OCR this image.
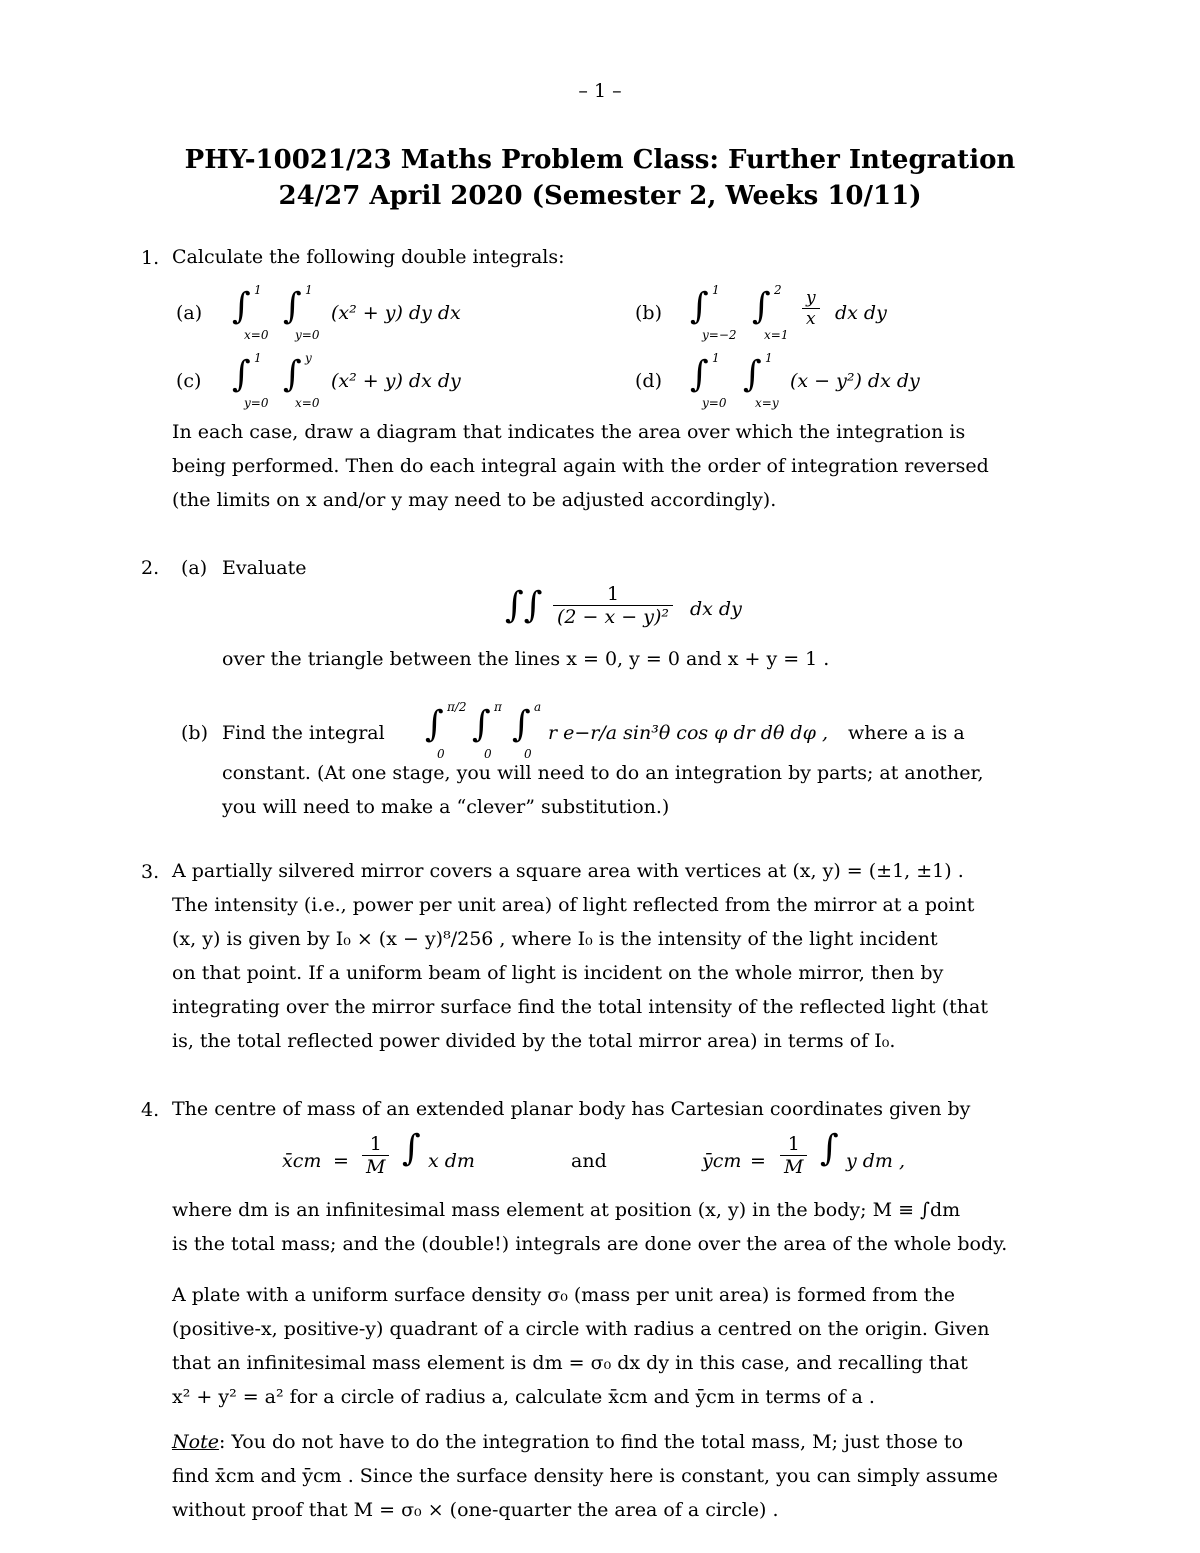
– 1 –
PHY-10021/23 Maths Problem Class: Further Integration
24/27 April 2020 (Semester 2, Weeks 10/11)
1. Calculate the following double integrals:
(a) ∫ 1
x=0
∫ 1
y=0
(x² + y) dy dx	(b) ∫ 1
y=−2
∫ 2
x=1
$\frac{y}{x}$ dx dy
(c) ∫ 1
y=0
∫ y
x=0
(x² + y) dx dy	(d) ∫ 1
y=0
∫ 1
x=y
(x − y²) dx dy
In each case, draw a diagram that indicates the area over which the integration is
being performed. Then do each integral again with the order of integration reversed
(the limits on x and/or y may need to be adjusted accordingly).
2. (a) Evaluate
∫∫ $\frac{1}{\text{(2 − x − y)²}}$ dx dy
over the triangle between the lines x = 0, y = 0 and x + y = 1 .
(b) Find the integral ∫ π/2
0
∫ π
0
∫ a
0
r e−r/a sin³θ cos φ dr dθ dφ , where a is a
constant. (At one stage, you will need to do an integration by parts; at another,
you will need to make a “clever” substitution.)
3. A partially silvered mirror covers a square area with vertices at (x, y) = (±1, ±1) .
The intensity (i.e., power per unit area) of light reflected from the mirror at a point
(x, y) is given by I₀ × (x − y)⁸/256 , where I₀ is the intensity of the light incident
on that point. If a uniform beam of light is incident on the whole mirror, then by
integrating over the mirror surface find the total intensity of the reflected light (that
is, the total reflected power divided by the total mirror area) in terms of I₀.
4. The centre of mass of an extended planar body has Cartesian coordinates given by
x̄cm = $\frac{1}{M}$ ∫ x dm	and	ȳcm = $\frac{1}{M}$ ∫ y dm ,
where dm is an infinitesimal mass element at position (x, y) in the body; M ≡ ∫dm
is the total mass; and the (double!) integrals are done over the area of the whole body.
A plate with a uniform surface density σ₀ (mass per unit area) is formed from the
(positive-x, positive-y) quadrant of a circle with radius a centred on the origin. Given
that an infinitesimal mass element is dm = σ₀ dx dy in this case, and recalling that
x² + y² = a² for a circle of radius a, calculate x̄cm and ȳcm in terms of a .
Note: You do not have to do the integration to find the total mass, M; just those to
find x̄cm and ȳcm . Since the surface density here is constant, you can simply assume
without proof that M = σ₀ × (one-quarter the area of a circle) .
